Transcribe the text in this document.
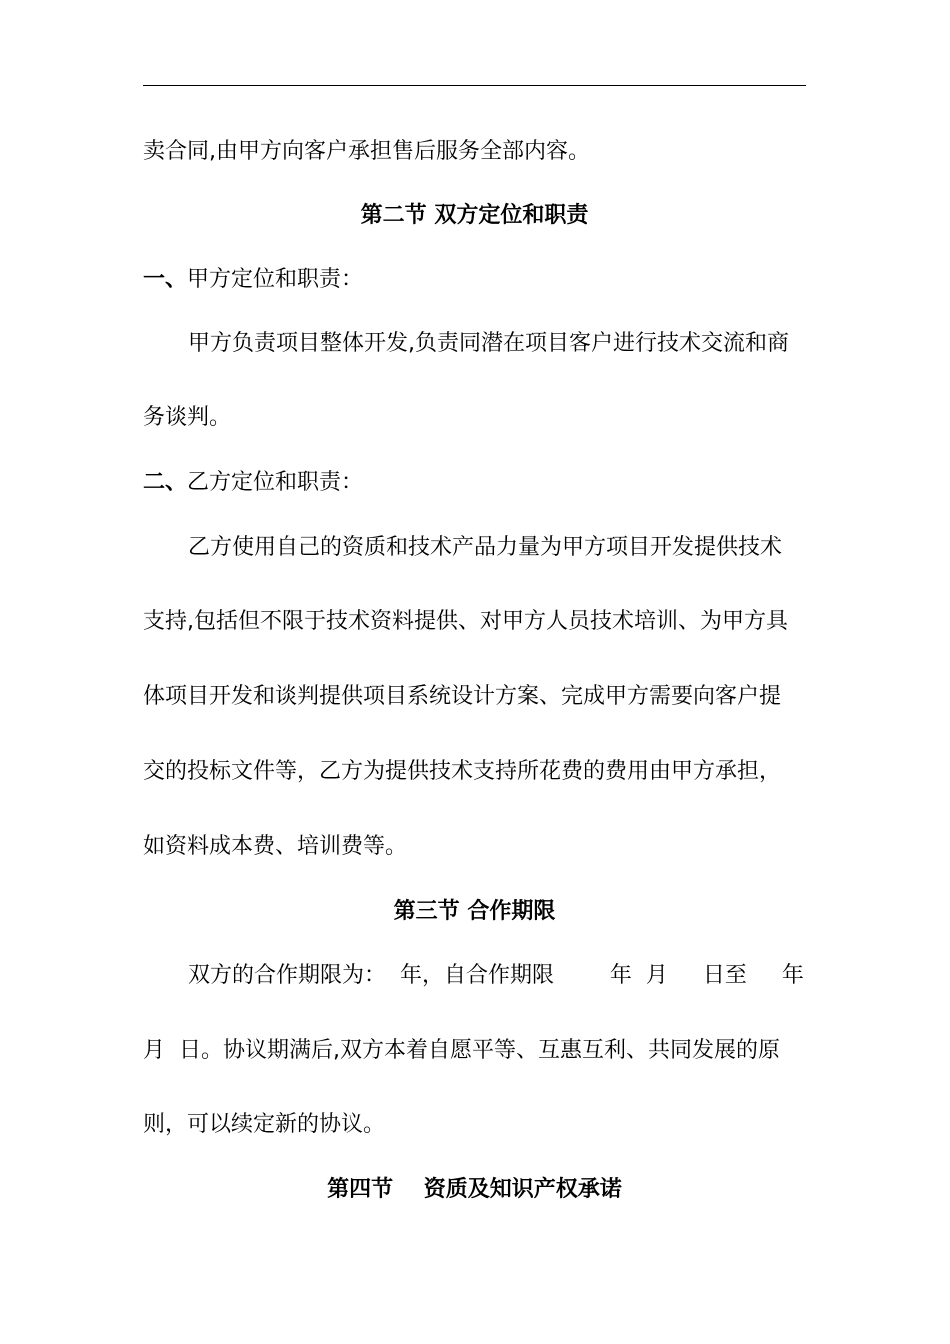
卖合同,由甲方向客户承担售后服务全部内容。
第二节 双方定位和职责
一、甲方定位和职责：
甲方负责项目整体开发,负责同潜在项目客户进行技术交流和商
务谈判。
二、乙方定位和职责：
乙方使用自己的资质和技术产品力量为甲方项目开发提供技术
支持,包括但不限于技术资料提供、对甲方人员技术培训、为甲方具
体项目开发和谈判提供项目系统设计方案、完成甲方需要向客户提
交的投标文件等，乙方为提供技术支持所花费的费用由甲方承担，
如资料成本费、培训费等。
第三节 合作期限
双方的合作期限为：  年，自合作期限        年  月     日至     年
月  日。协议期满后,双方本着自愿平等、互惠互利、共同发展的原
则，可以续定新的协议。
第四节    资质及知识产权承诺
